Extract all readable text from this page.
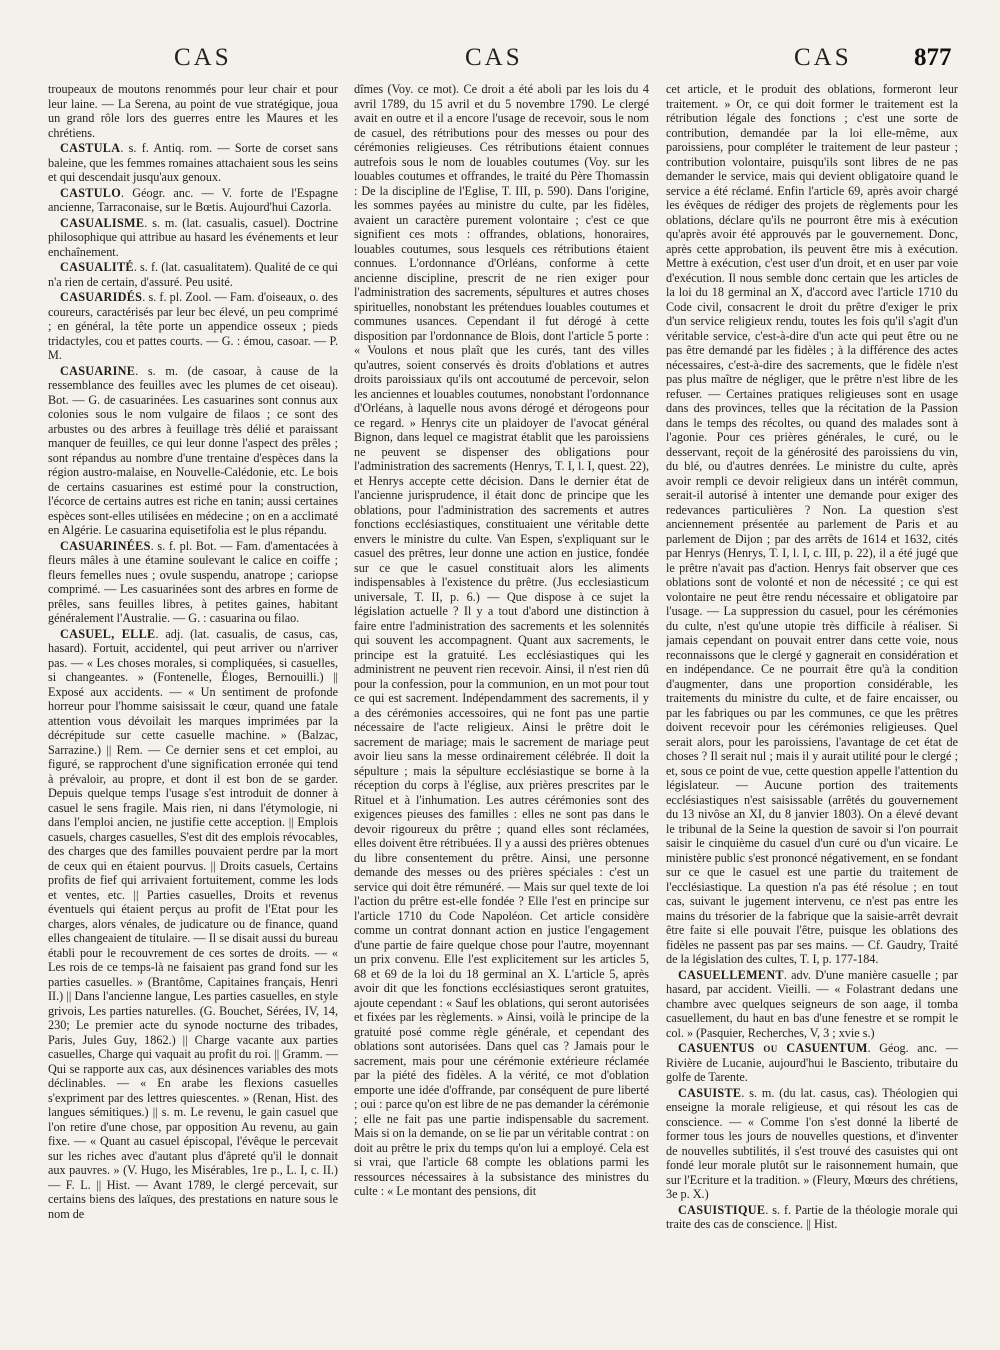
CAS	CAS	CAS 877

troupeaux de moutons renommés pour leur chair et pour leur laine. — La Serena, au point de vue stratégique, joua un grand rôle lors des guerres entre les Maures et les chrétiens.

CASTULA. s. f. Antiq. rom. — Sorte de corset sans baleine, que les femmes romaines attachaient sous les seins et qui descendait jusqu'aux genoux.

CASTULO. Géogr. anc. — V. forte de l'Espagne ancienne, Tarraconaise, sur le Bœtis. Aujourd'hui Cazorla.

CASUALISME. s. m. (lat. casualis, casuel). Doctrine philosophique qui attribue au hasard les événements et leur enchaînement.

CASUALITÉ. s. f. (lat. casualitatem). Qualité de ce qui n'a rien de certain, d'assuré. Peu usité.

CASUARIDÉS. s. f. pl. Zool. — Fam. d'oiseaux, o. des coureurs, caractérisés par leur bec élevé, un peu comprimé ; en général, la tête porte un appendice osseux ; pieds tridactyles, cou et pattes courts. — G. : émou, casoar. — P. M.

CASUARINE. s. m. (de casoar, à cause de la ressemblance des feuilles avec les plumes de cet oiseau). Bot. — G. de casuarinées. Les casuarines sont connus aux colonies sous le nom vulgaire de filaos ; ce sont des arbustes ou des arbres à feuillage très délié et paraissant manquer de feuilles, ce qui leur donne l'aspect des prêles ; sont répandus au nombre d'une trentaine d'espèces dans la région austro-malaise, en Nouvelle-Calédonie, etc. Le bois de certains casuarines est estimé pour la construction, l'écorce de certains autres est riche en tanin; aussi certaines espèces sont-elles utilisées en médecine ; on en a acclimaté en Algérie. Le casuarina equisetifolia est le plus répandu.

CASUARINÉES. s. f. pl. Bot. — Fam. d'amentacées à fleurs mâles à une étamine soulevant le calice en coiffe ; fleurs femelles nues ; ovule suspendu, anatrope ; cariopse comprimé. — Les casuarinées sont des arbres en forme de prêles, sans feuilles libres, à petites gaines, habitant généralement l'Australie. — G. : casuarina ou filao.

CASUEL, ELLE. adj. (lat. casualis, de casus, cas, hasard). Fortuit, accidentel, qui peut arriver ou n'arriver pas. — « Les choses morales, si compliquées, si casuelles, si changeantes. » (Fontenelle, Éloges, Bernouilli.) || Exposé aux accidents. — « Un sentiment de profonde horreur pour l'homme saisissait le cœur, quand une fatale attention vous dévoilait les marques imprimées par la décrépitude sur cette casuelle machine. » (Balzac, Sarrazine.) || Rem. — Ce dernier sens et cet emploi, au figuré, se rapprochent d'une signification erronée qui tend à prévaloir, au propre, et dont il est bon de se garder. Depuis quelque temps l'usage s'est introduit de donner à casuel le sens fragile. Mais rien, ni dans l'étymologie, ni dans l'emploi ancien, ne justifie cette acception. || Emplois casuels, charges casuelles, S'est dit des emplois révocables, des charges que des familles pouvaient perdre par la mort de ceux qui en étaient pourvus. || Droits casuels, Certains profits de fief qui arrivaient fortuitement, comme les lods et ventes, etc. || Parties casuelles, Droits et revenus éventuels qui étaient perçus au profit de l'Etat pour les charges, alors vénales, de judicature ou de finance, quand elles changeaient de titulaire. — Il se disait aussi du bureau établi pour le recouvrement de ces sortes de droits. — « Les rois de ce temps-là ne faisaient pas grand fond sur les parties casuelles. » (Brantôme, Capitaines français, Henri II.) || Dans l'ancienne langue, Les parties casuelles, en style grivois, Les parties naturelles. (G. Bouchet, Sérées, IV, 14, 230; Le premier acte du synode nocturne des tribades, Paris, Jules Guy, 1862.) || Charge vacante aux parties casuelles, Charge qui vaquait au profit du roi. || Gramm. — Qui se rapporte aux cas, aux désinences variables des mots déclinables. — « En arabe les flexions casuelles s'expriment par des lettres quiescentes. » (Renan, Hist. des langues sémitiques.) || s. m. Le revenu, le gain casuel que l'on retire d'une chose, par opposition Au revenu, au gain fixe. — « Quant au casuel épiscopal, l'évêque le percevait sur les riches avec d'autant plus d'âpreté qu'il le donnait aux pauvres. » (V. Hugo, les Misérables, 1re p., L. I, c. II.) — F. L. || Hist. — Avant 1789, le clergé percevait, sur certains biens des laïques, des prestations en nature sous le nom de

dîmes (Voy. ce mot). Ce droit a été aboli par les lois du 4 avril 1789, du 15 avril et du 5 novembre 1790. Le clergé avait en outre et il a encore l'usage de recevoir, sous le nom de casuel, des rétributions pour des messes ou pour des cérémonies religieuses. Ces rétributions étaient connues autrefois sous le nom de louables coutumes (Voy. sur les louables coutumes et offrandes, le traité du Père Thomassin : De la discipline de l'Eglise, T. III, p. 590). Dans l'origine, les sommes payées au ministre du culte, par les fidèles, avaient un caractère purement volontaire ; c'est ce que signifient ces mots : offrandes, oblations, honoraires, louables coutumes, sous lesquels ces rétributions étaient connues. L'ordonnance d'Orléans, conforme à cette ancienne discipline, prescrit de ne rien exiger pour l'administration des sacrements, sépultures et autres choses spirituelles, nonobstant les prétendues louables coutumes et communes usances. Cependant il fut dérogé à cette disposition par l'ordonnance de Blois, dont l'article 5 porte : « Voulons et nous plaît que les curés, tant des villes qu'autres, soient conservés ès droits d'oblations et autres droits paroissiaux qu'ils ont accoutumé de percevoir, selon les anciennes et louables coutumes, nonobstant l'ordonnance d'Orléans, à laquelle nous avons dérogé et dérogeons pour ce regard. » Henrys cite un plaidoyer de l'avocat général Bignon, dans lequel ce magistrat établit que les paroissiens ne peuvent se dispenser des obligations pour l'administration des sacrements (Henrys, T. I, l. I, quest. 22), et Henrys accepte cette décision. Dans le dernier état de l'ancienne jurisprudence, il était donc de principe que les oblations, pour l'administration des sacrements et autres fonctions ecclésiastiques, constituaient une véritable dette envers le ministre du culte. Van Espen, s'expliquant sur le casuel des prêtres, leur donne une action en justice, fondée sur ce que le casuel constituait alors les aliments indispensables à l'existence du prêtre. (Jus ecclesiasticum universale, T. II, p. 6.) — Que dispose à ce sujet la législation actuelle ? Il y a tout d'abord une distinction à faire entre l'administration des sacrements et les solennités qui souvent les accompagnent. Quant aux sacrements, le principe est la gratuité. Les ecclésiastiques qui les administrent ne peuvent rien recevoir. Ainsi, il n'est rien dû pour la confession, pour la communion, en un mot pour tout ce qui est sacrement. Indépendamment des sacrements, il y a des cérémonies accessoires, qui ne font pas une partie nécessaire de l'acte religieux. Ainsi le prêtre doit le sacrement de mariage; mais le sacrement de mariage peut avoir lieu sans la messe ordinairement célébrée. Il doit la sépulture ; mais la sépulture ecclésiastique se borne à la réception du corps à l'église, aux prières prescrites par le Rituel et à l'inhumation. Les autres cérémonies sont des exigences pieuses des familles : elles ne sont pas dans le devoir rigoureux du prêtre ; quand elles sont réclamées, elles doivent être rétribuées. Il y a aussi des prières obtenues du libre consentement du prêtre. Ainsi, une personne demande des messes ou des prières spéciales : c'est un service qui doit être rémunéré. — Mais sur quel texte de loi l'action du prêtre est-elle fondée ? Elle l'est en principe sur l'article 1710 du Code Napoléon. Cet article considère comme un contrat donnant action en justice l'engagement d'une partie de faire quelque chose pour l'autre, moyennant un prix convenu. Elle l'est explicitement sur les articles 5, 68 et 69 de la loi du 18 germinal an X. L'article 5, après avoir dit que les fonctions ecclésiastiques seront gratuites, ajoute cependant : « Sauf les oblations, qui seront autorisées et fixées par les règlements. » Ainsi, voilà le principe de la gratuité posé comme règle générale, et cependant des oblations sont autorisées. Dans quel cas ? Jamais pour le sacrement, mais pour une cérémonie extérieure réclamée par la piété des fidèles. A la vérité, ce mot d'oblation emporte une idée d'offrande, par conséquent de pure liberté ; oui : parce qu'on est libre de ne pas demander la cérémonie ; elle ne fait pas une partie indispensable du sacrement. Mais si on la demande, on se lie par un véritable contrat : on doit au prêtre le prix du temps qu'on lui a employé. Cela est si vrai, que l'article 68 compte les oblations parmi les ressources nécessaires à la subsistance des ministres du culte : « Le montant des pensions, dit

cet article, et le produit des oblations, formeront leur traitement. » Or, ce qui doit former le traitement est la rétribution légale des fonctions ; c'est une sorte de contribution, demandée par la loi elle-même, aux paroissiens, pour compléter le traitement de leur pasteur ; contribution volontaire, puisqu'ils sont libres de ne pas demander le service, mais qui devient obligatoire quand le service a été réclamé. Enfin l'article 69, après avoir chargé les évêques de rédiger des projets de règlements pour les oblations, déclare qu'ils ne pourront être mis à exécution qu'après avoir été approuvés par le gouvernement. Donc, après cette approbation, ils peuvent être mis à exécution. Mettre à exécution, c'est user d'un droit, et en user par voie d'exécution. Il nous semble donc certain que les articles de la loi du 18 germinal an X, d'accord avec l'article 1710 du Code civil, consacrent le droit du prêtre d'exiger le prix d'un service religieux rendu, toutes les fois qu'il s'agit d'un véritable service, c'est-à-dire d'un acte qui peut être ou ne pas être demandé par les fidèles ; à la différence des actes nécessaires, c'est-à-dire des sacrements, que le fidèle n'est pas plus maître de négliger, que le prêtre n'est libre de les refuser. — Certaines pratiques religieuses sont en usage dans des provinces, telles que la récitation de la Passion dans le temps des récoltes, ou quand des malades sont à l'agonie. Pour ces prières générales, le curé, ou le desservant, reçoit de la générosité des paroissiens du vin, du blé, ou d'autres denrées. Le ministre du culte, après avoir rempli ce devoir religieux dans un intérêt commun, serait-il autorisé à intenter une demande pour exiger des redevances particulières ? Non. La question s'est anciennement présentée au parlement de Paris et au parlement de Dijon ; par des arrêts de 1614 et 1632, cités par Henrys (Henrys, T. I, l. I, c. III, p. 22), il a été jugé que le prêtre n'avait pas d'action. Henrys fait observer que ces oblations sont de volonté et non de nécessité ; ce qui est volontaire ne peut être rendu nécessaire et obligatoire par l'usage. — La suppression du casuel, pour les cérémonies du culte, n'est qu'une utopie très difficile à réaliser. Si jamais cependant on pouvait entrer dans cette voie, nous reconnaissons que le clergé y gagnerait en considération et en indépendance. Ce ne pourrait être qu'à la condition d'augmenter, dans une proportion considérable, les traitements du ministre du culte, et de faire encaisser, ou par les fabriques ou par les communes, ce que les prêtres doivent recevoir pour les cérémonies religieuses. Quel serait alors, pour les paroissiens, l'avantage de cet état de choses ? Il serait nul ; mais il y aurait utilité pour le clergé ; et, sous ce point de vue, cette question appelle l'attention du législateur. — Aucune portion des traitements ecclésiastiques n'est saisissable (arrêtés du gouvernement du 13 nivôse an XI, du 8 janvier 1803). On a élevé devant le tribunal de la Seine la question de savoir si l'on pourrait saisir le cinquième du casuel d'un curé ou d'un vicaire. Le ministère public s'est prononcé négativement, en se fondant sur ce que le casuel est une partie du traitement de l'ecclésiastique. La question n'a pas été résolue ; en tout cas, suivant le jugement intervenu, ce n'est pas entre les mains du trésorier de la fabrique que la saisie-arrêt devrait être faite si elle pouvait l'être, puisque les oblations des fidèles ne passent pas par ses mains. — Cf. Gaudry, Traité de la législation des cultes, T. I, p. 177-184.

CASUELLEMENT. adv. D'une manière casuelle ; par hasard, par accident. Vieilli. — « Folastrant dedans une chambre avec quelques seigneurs de son aage, il tomba casuellement, du haut en bas d'une fenestre et se rompit le col. » (Pasquier, Recherches, V, 3 ; xvie s.)

CASUENTUS ou CASUENTUM. Géog. anc. — Rivière de Lucanie, aujourd'hui le Basciento, tributaire du golfe de Tarente.

CASUISTE. s. m. (du lat. casus, cas). Théologien qui enseigne la morale religieuse, et qui résout les cas de conscience. — « Comme l'on s'est donné la liberté de former tous les jours de nouvelles questions, et d'inventer de nouvelles subtilités, il s'est trouvé des casuistes qui ont fondé leur morale plutôt sur le raisonnement humain, que sur l'Ecriture et la tradition. » (Fleury, Mœurs des chrétiens, 3e p. X.)

CASUISTIQUE. s. f. Partie de la théologie morale qui traite des cas de conscience. || Hist.
